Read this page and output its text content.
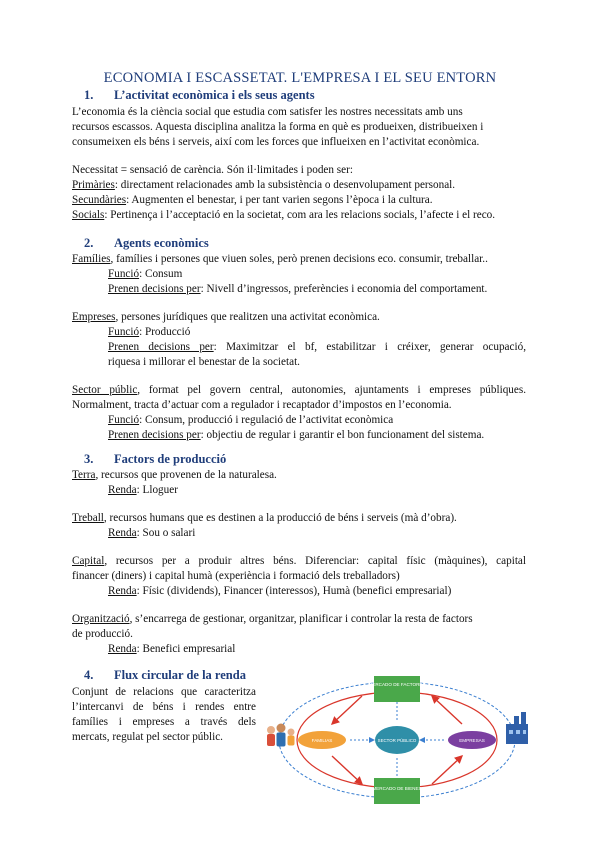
ECONOMIA I ESCASSETAT. L'EMPRESA I EL SEU ENTORN
1. L’activitat econòmica i els seus agents
L’economia és la ciència social que estudia com satisfer les nostres necessitats amb uns
recursos escassos. Aquesta disciplina analitza la forma en què es produeixen, distribueixen i
consumeixen els béns i serveis, així com les forces que influeixen en l’activitat econòmica.
Necessitat = sensació de carència. Són il·limitades i poden ser:
Primàries: directament relacionades amb la subsistència o desenvolupament personal.
Secundàries: Augmenten el benestar, i per tant varien segons l’època i la cultura.
Socials: Pertinença i l’acceptació en la societat, com ara les relacions socials, l’afecte i el reco.
2. Agents econòmics
Famílies, famílies i persones que viuen soles, però prenen decisions eco. consumir, treballar..
Funció: Consum
Prenen decisions per: Nivell d’ingressos, preferències i economia del comportament.
Empreses, persones jurídiques que realitzen una activitat econòmica.
Funció: Producció
Prenen decisions per: Maximitzar el bf, estabilitzar i créixer, generar ocupació,
riquesa i millorar el benestar de la societat.
Sector públic, format pel govern central, autonomies, ajuntaments i empreses públiques.
Normalment, tracta d’actuar com a regulador i recaptador d’impostos en l’economia.
Funció: Consum, producció i regulació de l’activitat econòmica
Prenen decisions per: objectiu de regular i garantir el bon funcionament del sistema.
3. Factors de producció
Terra, recursos que provenen de la naturalesa.
Renda: Lloguer
Treball, recursos humans que es destinen a la producció de béns i serveis (mà d’obra).
Renda: Sou o salari
Capital, recursos per a produir altres béns. Diferenciar: capital físic (màquines), capital
financer (diners) i capital humà (experiència i formació dels treballadors)
Renda: Físic (dividends), Financer (interessos), Humà (benefici empresarial)
Organització, s’encarrega de gestionar, organitzar, planificar i controlar la resta de factors
de producció.
Renda: Benefici empresarial
4. Flux circular de la renda
Conjunt de relacions que caracteritza
l’intercanvi de béns i rendes entre
famílies i empreses a través dels
mercats, regulat pel sector públic.
MERCADO DE FACTORES
MERCADO DE BIENES
FAMILIAS	EMPRESAS
SECTOR PÚBLICO
